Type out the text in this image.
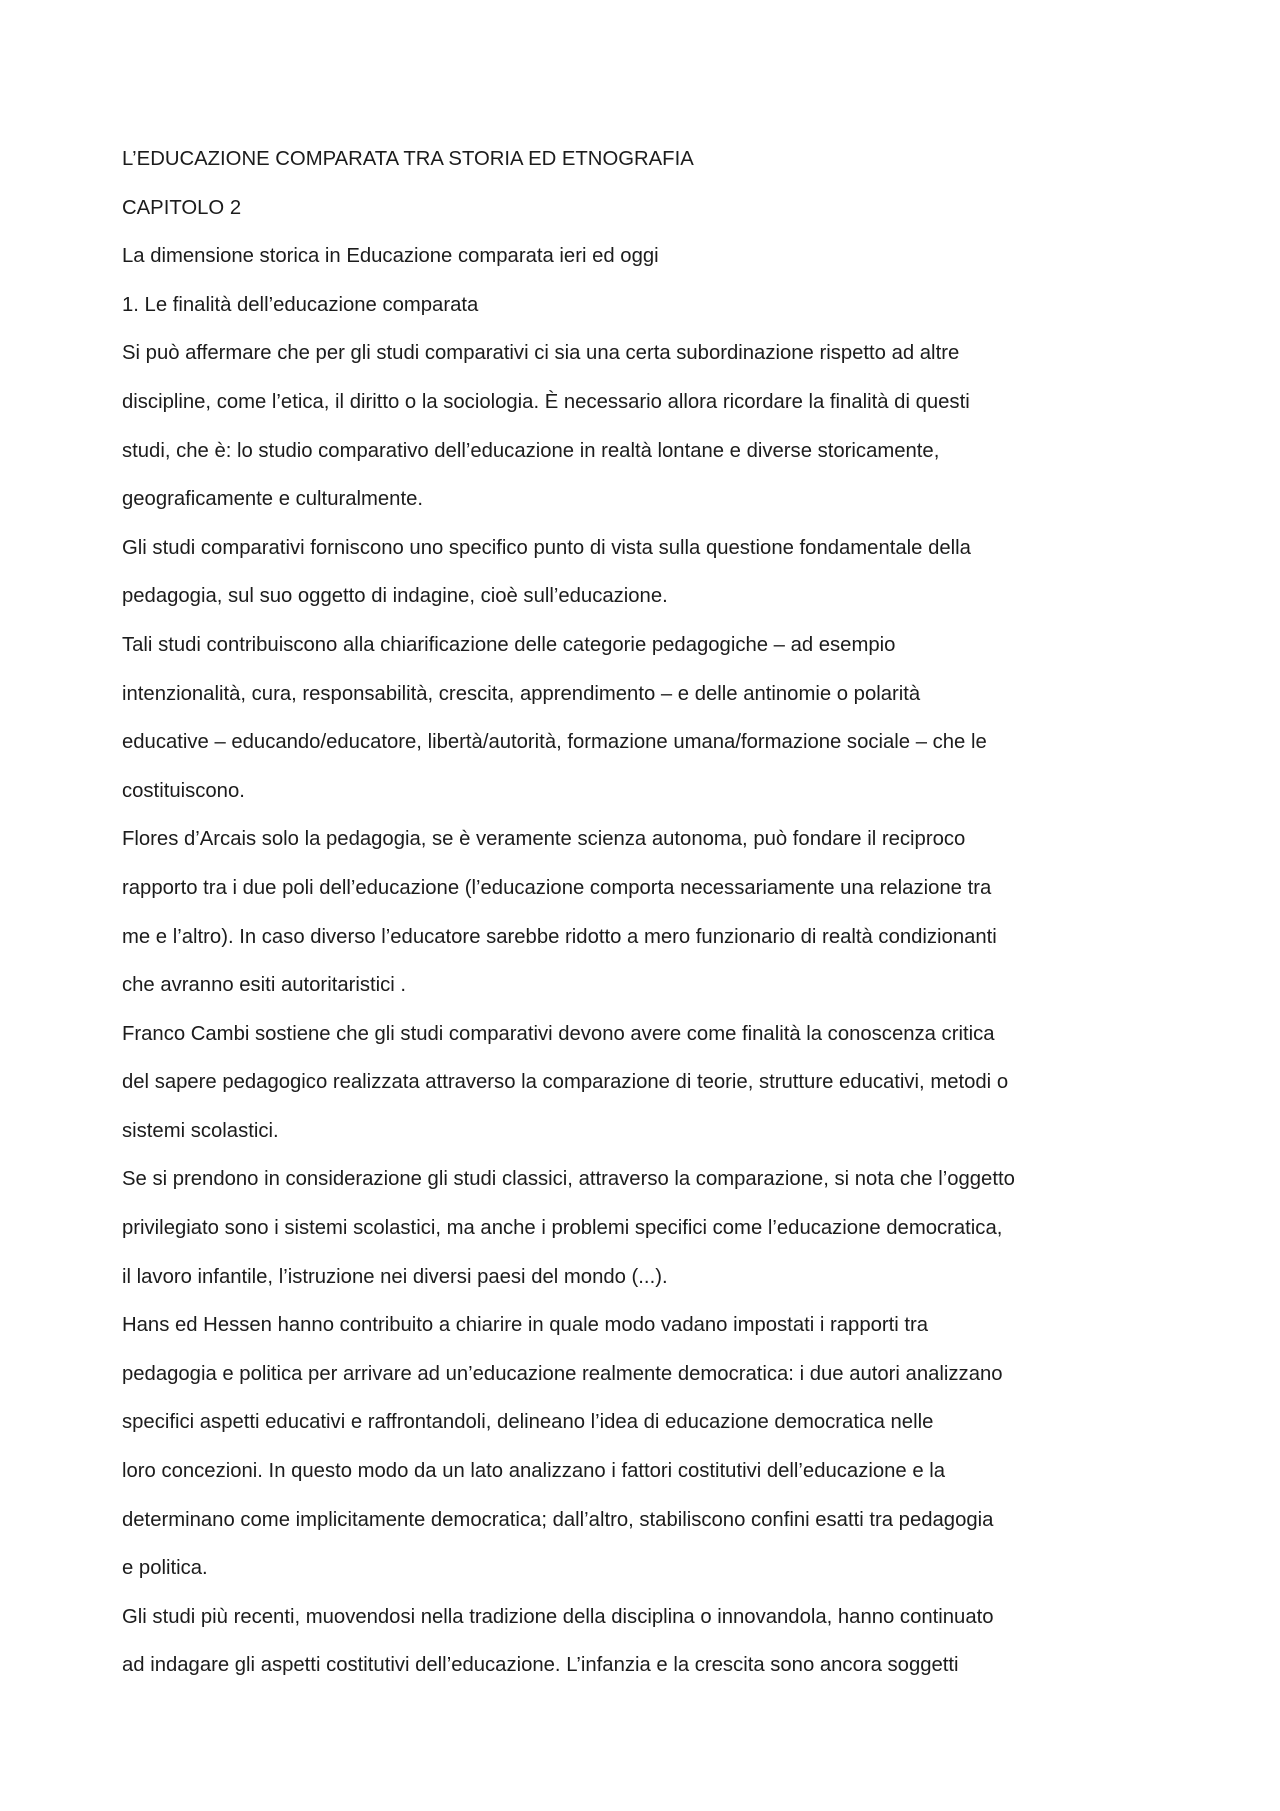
L’EDUCAZIONE COMPARATA TRA STORIA ED ETNOGRAFIA
CAPITOLO 2
La dimensione storica in Educazione comparata ieri ed oggi
1. Le finalità dell’educazione comparata
Si può affermare che per gli studi comparativi ci sia una certa subordinazione rispetto ad altre
discipline, come l’etica, il diritto o la sociologia. È necessario allora ricordare la finalità di questi
studi, che è: lo studio comparativo dell’educazione in realtà lontane e diverse storicamente,
geograficamente e culturalmente.
Gli studi comparativi forniscono uno specifico punto di vista sulla questione fondamentale della
pedagogia, sul suo oggetto di indagine, cioè sull’educazione.
Tali studi contribuiscono alla chiarificazione delle categorie pedagogiche – ad esempio
intenzionalità, cura, responsabilità, crescita, apprendimento – e delle antinomie o polarità
educative – educando/educatore, libertà/autorità, formazione umana/formazione sociale – che le
costituiscono.
Flores d’Arcais solo la pedagogia, se è veramente scienza autonoma, può fondare il reciproco
rapporto tra i due poli dell’educazione (l’educazione comporta necessariamente una relazione tra
me e l’altro). In caso diverso l’educatore sarebbe ridotto a mero funzionario di realtà condizionanti
che avranno esiti autoritaristici .
Franco Cambi sostiene che gli studi comparativi devono avere come finalità la conoscenza critica
del sapere pedagogico realizzata attraverso la comparazione di teorie, strutture educativi, metodi o
sistemi scolastici.
Se si prendono in considerazione gli studi classici, attraverso la comparazione, si nota che l’oggetto
privilegiato sono i sistemi scolastici, ma anche i problemi specifici come l’educazione democratica,
il lavoro infantile, l’istruzione nei diversi paesi del mondo (...).
Hans ed Hessen hanno contribuito a chiarire in quale modo vadano impostati i rapporti tra
pedagogia e politica per arrivare ad un’educazione realmente democratica: i due autori analizzano
specifici aspetti educativi e raffrontandoli, delineano l’idea di educazione democratica nelle
loro concezioni. In questo modo da un lato analizzano i fattori costitutivi dell’educazione e la
determinano come implicitamente democratica; dall’altro, stabiliscono confini esatti tra pedagogia
e politica.
Gli studi più recenti, muovendosi nella tradizione della disciplina o innovandola, hanno continuato
ad indagare gli aspetti costitutivi dell’educazione. L’infanzia e la crescita sono ancora soggetti
